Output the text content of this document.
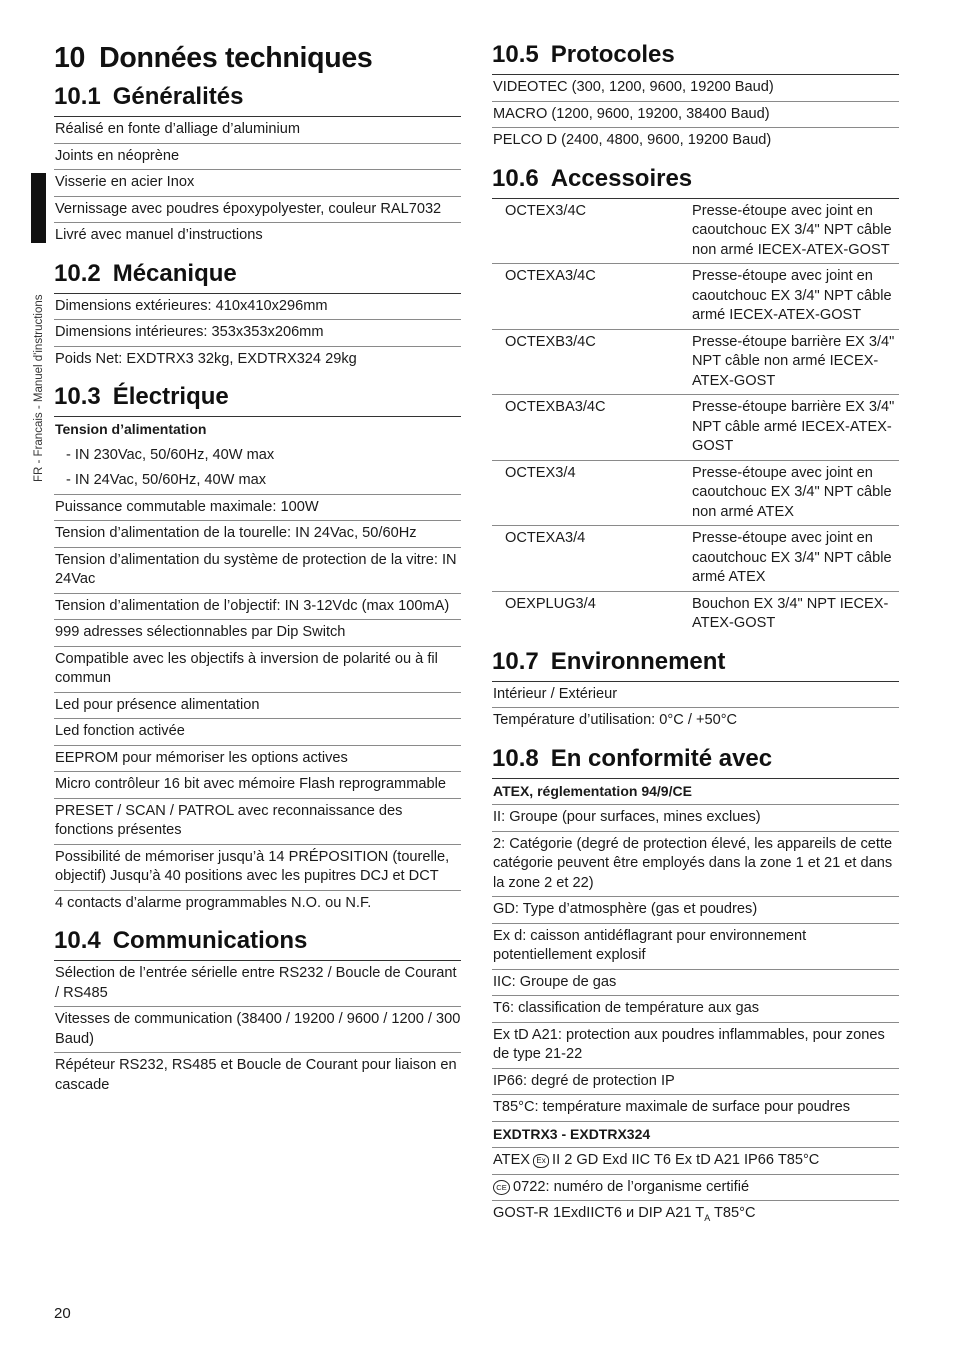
FR - Francais - Manuel d'instructions
10 Données techniques
10.1 Généralités
Réalisé en fonte d’alliage d’aluminium
Joints en néoprène
Visserie en acier Inox
Vernissage avec poudres époxypolyester, couleur RAL7032
Livré avec manuel d’instructions
10.2 Mécanique
Dimensions extérieures: 410x410x296mm
Dimensions intérieures: 353x353x206mm
Poids Net: EXDTRX3 32kg, EXDTRX324 29kg
10.3 Électrique
Tension d’alimentation
- IN 230Vac, 50/60Hz, 40W max
- IN 24Vac, 50/60Hz, 40W max
Puissance commutable maximale: 100W
Tension d’alimentation de la tourelle: IN 24Vac, 50/60Hz
Tension d’alimentation du système de protection de la vitre: IN 24Vac
Tension d’alimentation de l’objectif: IN 3-12Vdc (max 100mA)
999 adresses sélectionnables par Dip Switch
Compatible avec les objectifs à inversion de polarité ou à fil commun
Led pour présence alimentation
Led fonction activée
EEPROM pour mémoriser les options actives
Micro contrôleur 16 bit avec mémoire Flash reprogrammable
PRESET / SCAN / PATROL avec reconnaissance des fonctions présentes
Possibilité de mémoriser jusqu’à 14 PRÉPOSITION (tourelle, objectif) Jusqu’à 40 positions avec les pupitres DCJ et DCT
4 contacts d’alarme programmables N.O. ou N.F.
10.4 Communications
Sélection de l’entrée sérielle entre RS232 / Boucle de Courant / RS485
Vitesses de communication (38400 / 19200 / 9600 / 1200 / 300 Baud)
Répéteur RS232, RS485 et Boucle de Courant pour liaison en cascade
10.5 Protocoles
VIDEOTEC (300, 1200, 9600, 19200 Baud)
MACRO (1200, 9600, 19200, 38400 Baud)
PELCO D (2400, 4800, 9600, 19200 Baud)
10.6 Accessoires
OCTEX3/4C	Presse-étoupe avec joint en caoutchouc EX 3/4" NPT câble non armé IECEX-ATEX-GOST
OCTEXA3/4C	Presse-étoupe avec joint en caoutchouc EX 3/4" NPT câble armé IECEX-ATEX-GOST
OCTEXB3/4C	Presse-étoupe barrière EX 3/4" NPT câble non armé IECEX-ATEX-GOST
OCTEXBA3/4C	Presse-étoupe barrière EX 3/4" NPT câble armé IECEX-ATEX-GOST
OCTEX3/4	Presse-étoupe avec joint en caoutchouc EX 3/4" NPT câble non armé ATEX
OCTEXA3/4	Presse-étoupe avec joint en caoutchouc EX 3/4" NPT câble armé ATEX
OEXPLUG3/4	Bouchon EX 3/4" NPT IECEX-ATEX-GOST
10.7 Environnement
Intérieur / Extérieur
Température d’utilisation: 0°C / +50°C
10.8 En conformité avec
ATEX, réglementation 94/9/CE
II: Groupe (pour surfaces, mines exclues)
2: Catégorie (degré de protection élevé, les appareils de cette catégorie peuvent être employés dans la zone 1 et 21 et dans la zone 2 et 22)
GD: Type d’atmosphère (gas et poudres)
Ex d: caisson antidéflagrant pour environnement potentiellement explosif
IIC: Groupe de gas
T6: classification de température aux gas
Ex tD A21: protection aux poudres inflammables, pour zones de type 21-22
IP66: degré de protection IP
T85°C: température maximale de surface pour poudres
EXDTRX3 - EXDTRX324
ATEX Ex II 2 GD Exd IIC T6 Ex tD A21 IP66 T85°C
CE 0722: numéro de l’organisme certifié
GOST-R 1ExdIICT6 и DIP A21 $T_A$ T85°C
20
